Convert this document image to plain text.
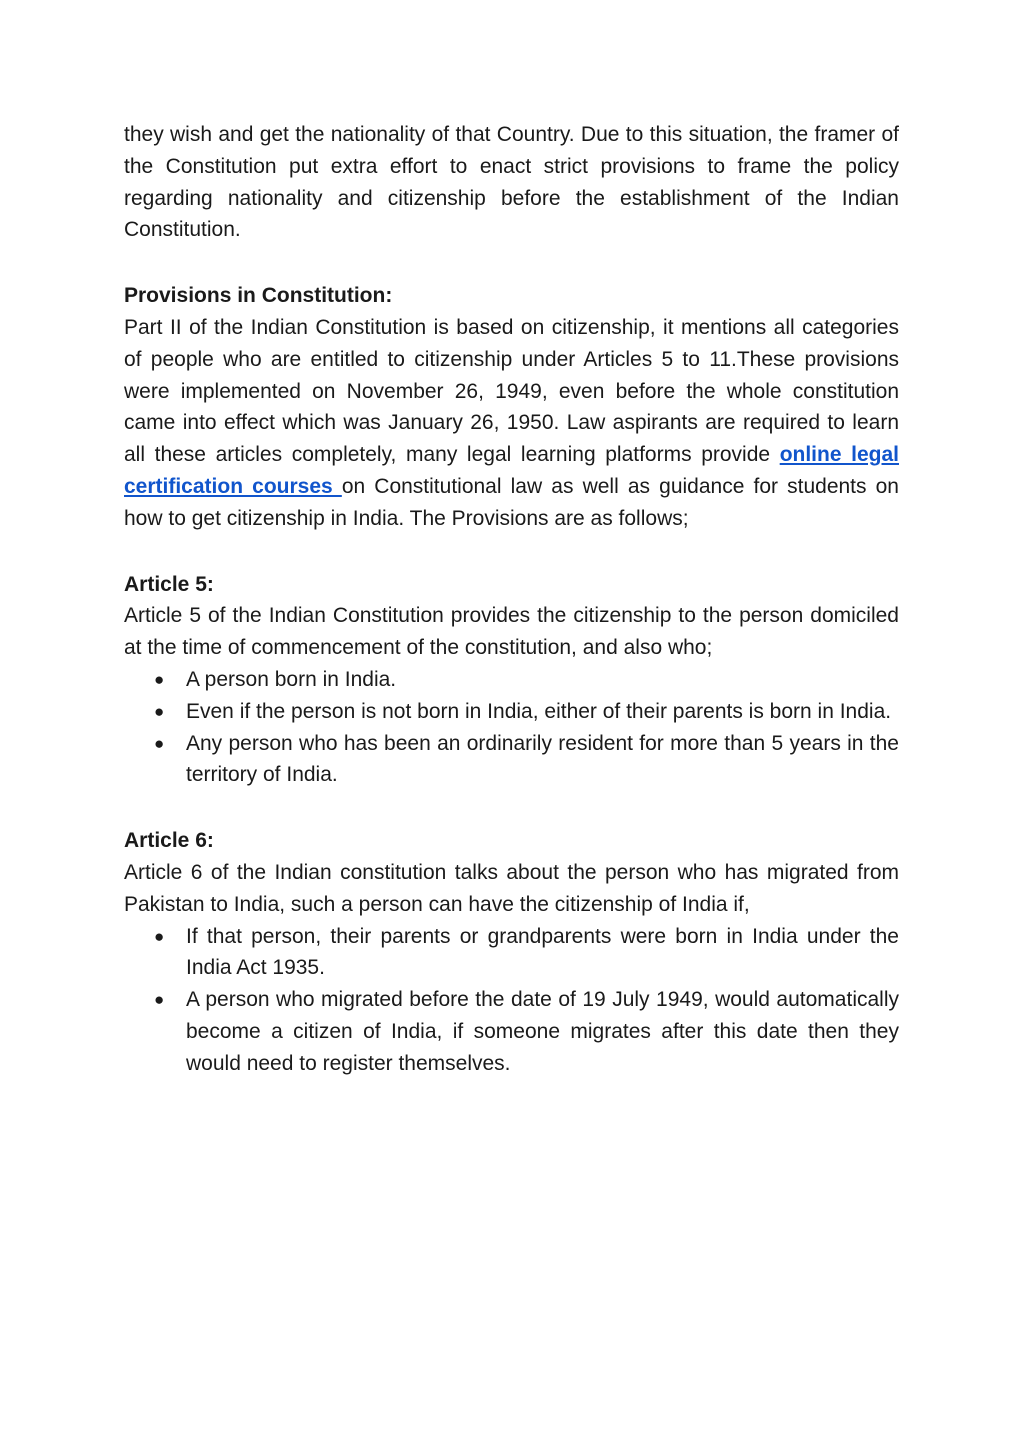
they wish and get the nationality of that Country. Due to this situation, the framer of the Constitution put extra effort to enact strict provisions to frame the policy regarding nationality and citizenship before the establishment of the Indian Constitution.

Provisions in Constitution:

Part II of the Indian Constitution is based on citizenship, it mentions all categories of people who are entitled to citizenship under Articles 5 to 11.These provisions were implemented on November 26, 1949, even before the whole constitution came into effect which was January 26, 1950. Law aspirants are required to learn all these articles completely, many legal learning platforms provide online legal certification courses on Constitutional law as well as guidance for students on how to get citizenship in India. The Provisions are as follows;

Article 5:

Article 5 of the Indian Constitution provides the citizenship to the person domiciled at the time of commencement of the constitution, and also who;

● A person born in India.
● Even if the person is not born in India, either of their parents is born in India.
● Any person who has been an ordinarily resident for more than 5 years in the territory of India.

Article 6:

Article 6 of the Indian constitution talks about the person who has migrated from Pakistan to India, such a person can have the citizenship of India if,

● If that person, their parents or grandparents were born in India under the India Act 1935.
● A person who migrated before the date of 19 July 1949, would automatically become a citizen of India, if someone migrates after this date then they would need to register themselves.
